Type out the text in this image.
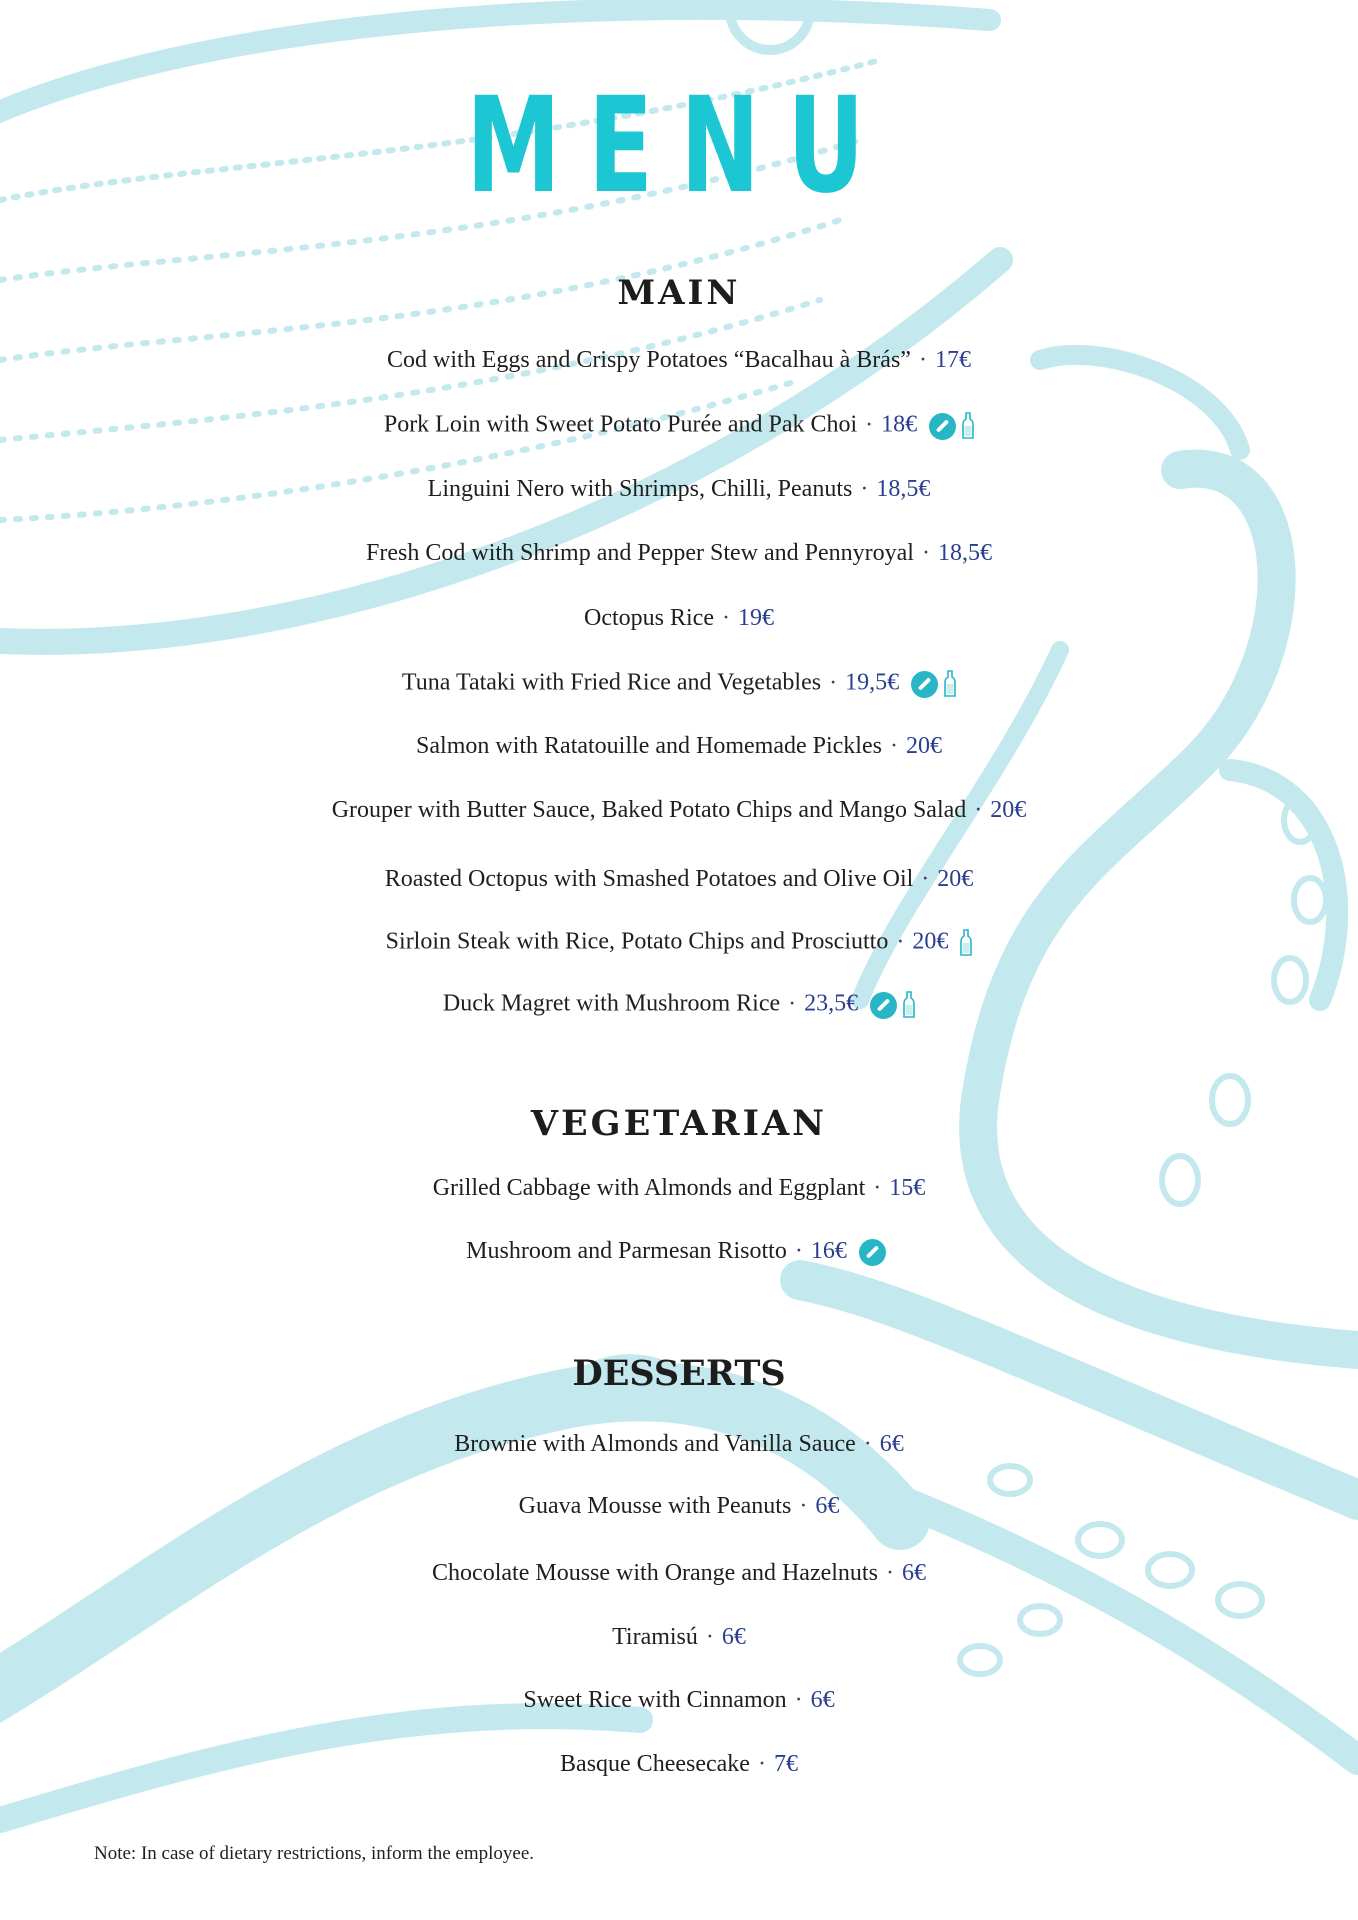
MENU
MAIN
Cod with Eggs and Crispy Potatoes “Bacalhau à Brás” · 17€
Pork Loin with Sweet Potato Purée and Pak Choi · 18€
Linguini Nero with Shrimps, Chilli, Peanuts · 18,5€
Fresh Cod with Shrimp and Pepper Stew and Pennyroyal · 18,5€
Octopus Rice · 19€
Tuna Tataki with Fried Rice and Vegetables · 19,5€
Salmon with Ratatouille and Homemade Pickles · 20€
Grouper with Butter Sauce, Baked Potato Chips and Mango Salad · 20€
Roasted Octopus with Smashed Potatoes and Olive Oil · 20€
Sirloin Steak with Rice, Potato Chips and Prosciutto · 20€
Duck Magret with Mushroom Rice · 23,5€
VEGETARIAN
Grilled Cabbage with Almonds and Eggplant · 15€
Mushroom and Parmesan Risotto · 16€
DESSERTS
Brownie with Almonds and Vanilla Sauce · 6€
Guava Mousse with Peanuts · 6€
Chocolate Mousse with Orange and Hazelnuts · 6€
Tiramisú · 6€
Sweet Rice with Cinnamon · 6€
Basque Cheesecake · 7€
Note: In case of dietary restrictions, inform the employee.
